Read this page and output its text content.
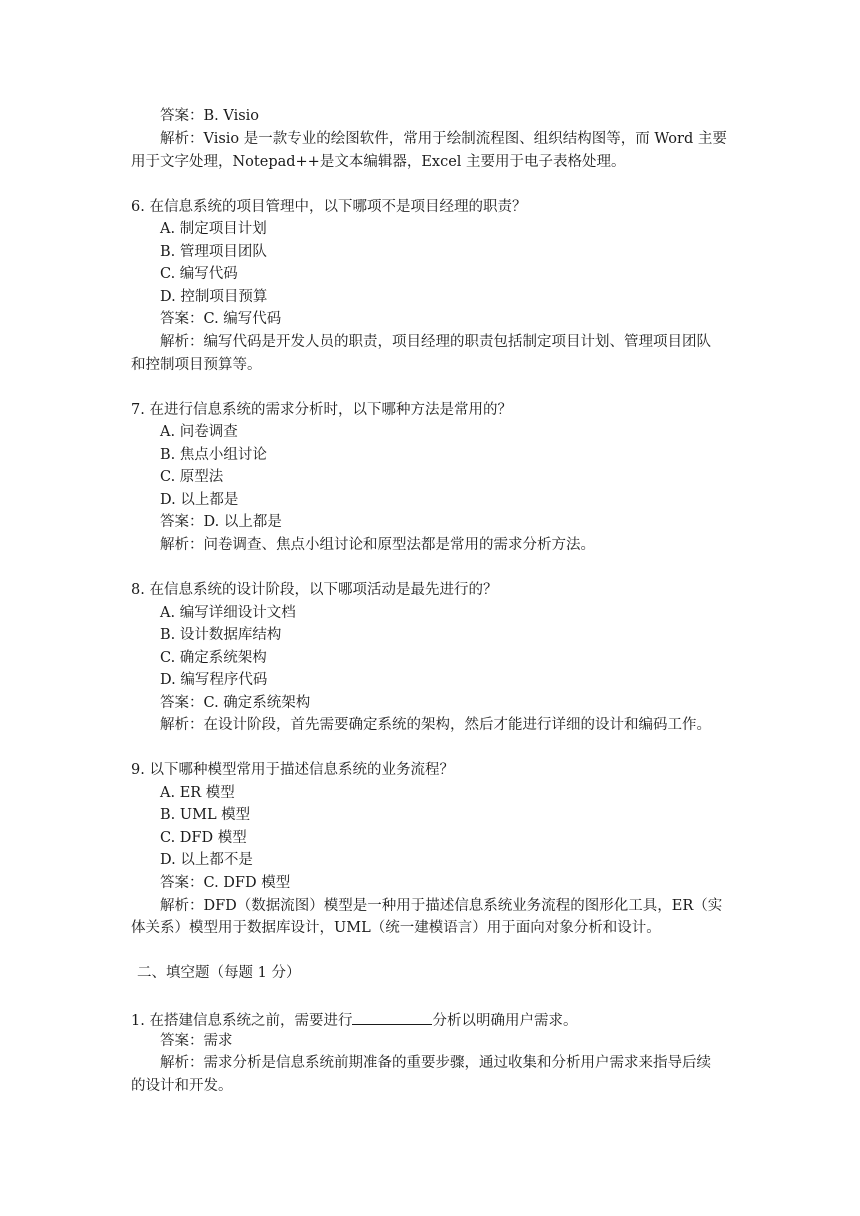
答案：B. Visio
解析：Visio 是一款专业的绘图软件，常用于绘制流程图、组织结构图等，而 Word 主要
用于文字处理，Notepad++是文本编辑器，Excel 主要用于电子表格处理。
6. 在信息系统的项目管理中，以下哪项不是项目经理的职责？
A. 制定项目计划
B. 管理项目团队
C. 编写代码
D. 控制项目预算
答案：C. 编写代码
解析：编写代码是开发人员的职责，项目经理的职责包括制定项目计划、管理项目团队
和控制项目预算等。
7. 在进行信息系统的需求分析时，以下哪种方法是常用的？
A. 问卷调查
B. 焦点小组讨论
C. 原型法
D. 以上都是
答案：D. 以上都是
解析：问卷调查、焦点小组讨论和原型法都是常用的需求分析方法。
8. 在信息系统的设计阶段，以下哪项活动是最先进行的？
A. 编写详细设计文档
B. 设计数据库结构
C. 确定系统架构
D. 编写程序代码
答案：C. 确定系统架构
解析：在设计阶段，首先需要确定系统的架构，然后才能进行详细的设计和编码工作。
9. 以下哪种模型常用于描述信息系统的业务流程？
A. ER 模型
B. UML 模型
C. DFD 模型
D. 以上都不是
答案：C. DFD 模型
解析：DFD（数据流图）模型是一种用于描述信息系统业务流程的图形化工具，ER（实
体关系）模型用于数据库设计，UML（统一建模语言）用于面向对象分析和设计。
二、填空题（每题 1 分）
1. 在搭建信息系统之前，需要进行	分析以明确用户需求。
答案：需求
解析：需求分析是信息系统前期准备的重要步骤，通过收集和分析用户需求来指导后续
的设计和开发。
